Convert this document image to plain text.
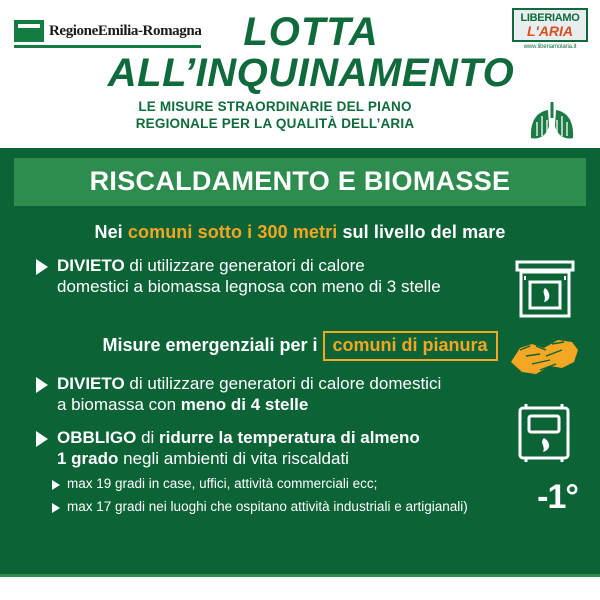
RegioneEmilia-Romagna
LIBERIAMO
L'ARIA
www.liberiamolaria.it
LOTTA
ALL’INQUINAMENTO
LE MISURE STRAORDINARIE DEL PIANO
REGIONALE PER LA QUALITÀ DELL’ARIA
RISCALDAMENTO E BIOMASSE
Nei comuni sotto i 300 metri sul livello del mare
DIVIETO di utilizzare generatori di calore
domestici a biomassa legnosa con meno di 3 stelle
Misure emergenziali per i comuni di pianura
DIVIETO di utilizzare generatori di calore domestici
a biomassa con meno di 4 stelle
OBBLIGO di ridurre la temperatura di almeno
1 grado negli ambienti di vita riscaldati
max 19 gradi in case, uffici, attività commerciali ecc;
max 17 gradi nei luoghi che ospitano attività industriali e artigianali) -1°
